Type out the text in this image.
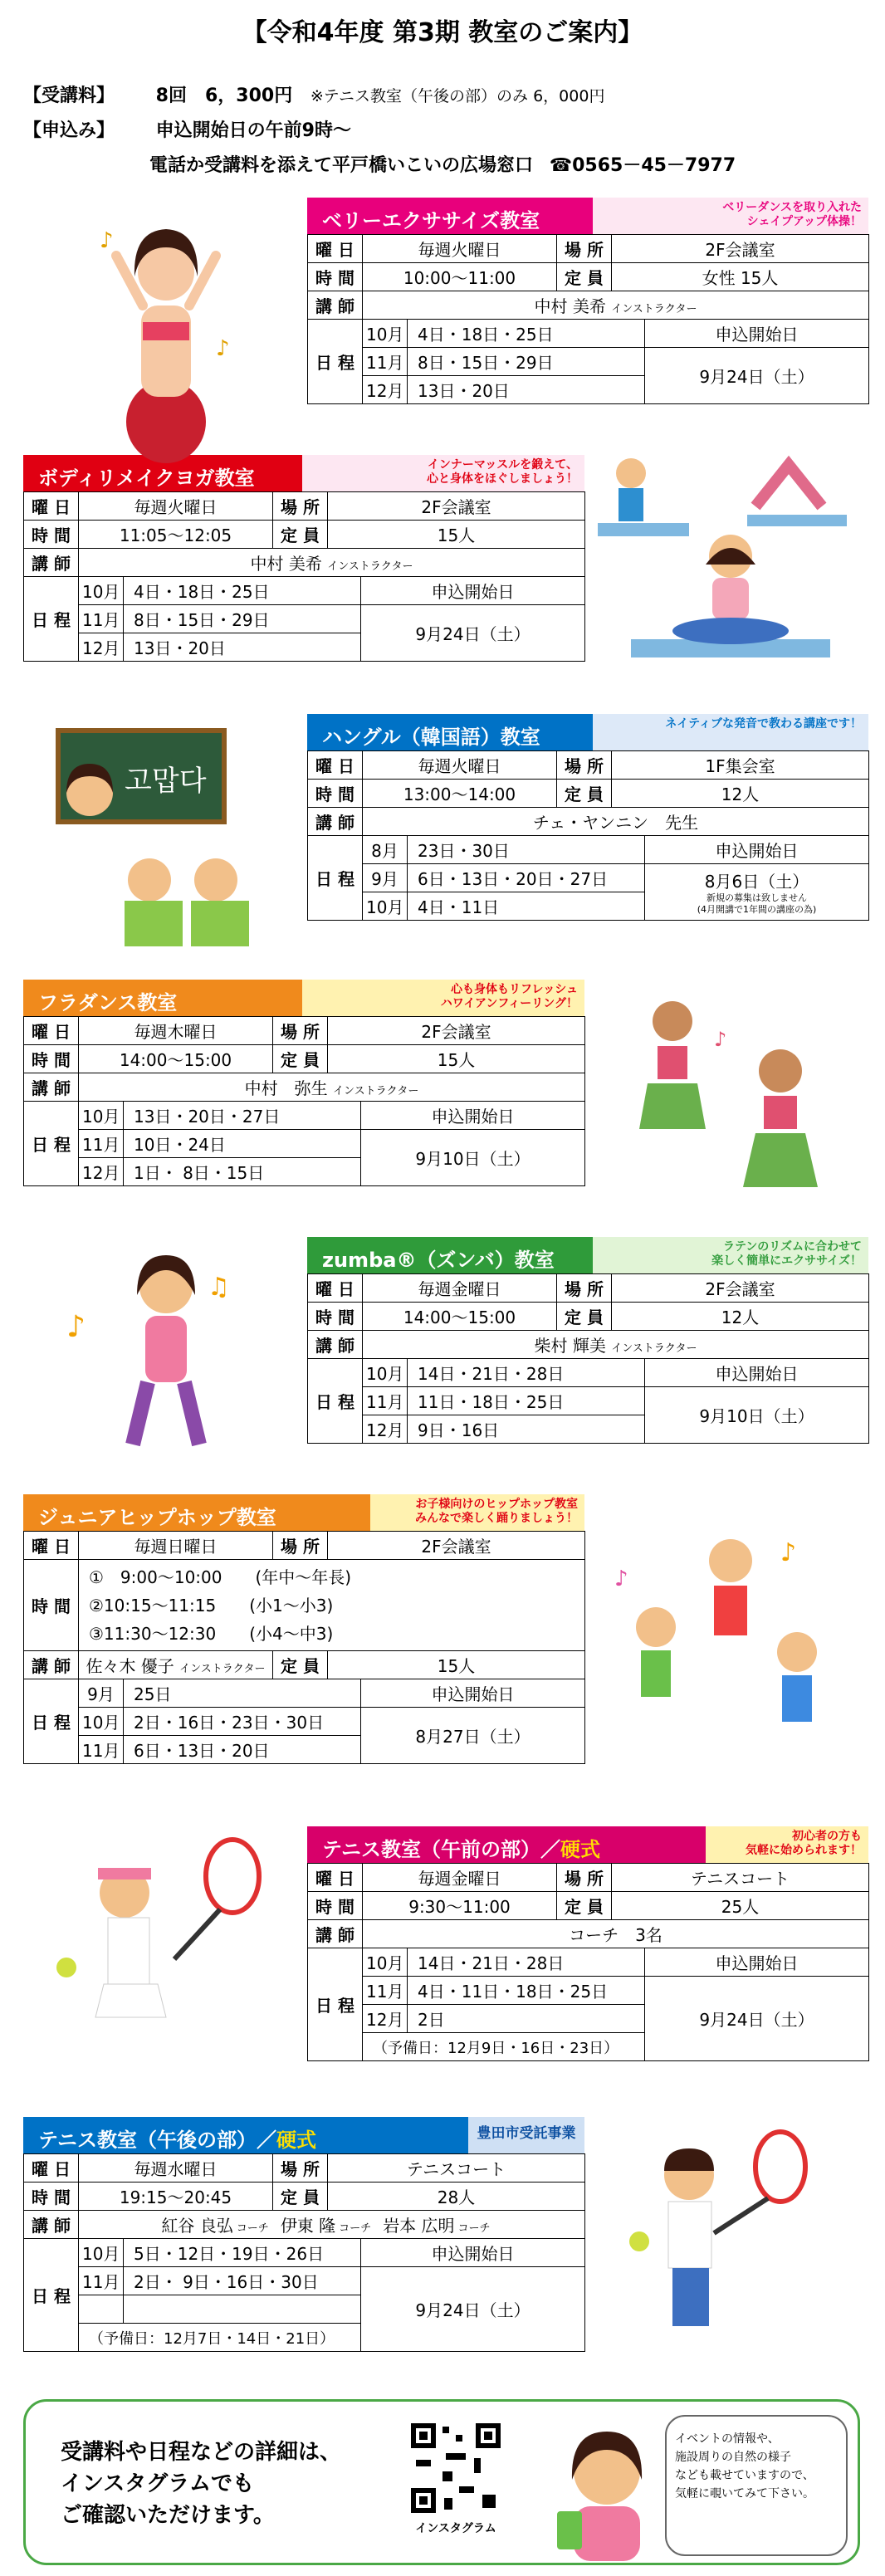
【令和4年度 第3期 教室のご案内】
【受講料】 8回　6，300円 ※テニス教室（午後の部）のみ 6，000円
【申込み】 申込開始日の午前9時～
電話か受講料を添えて平戸橋いこいの広場窓口 ☎0565－45－7977
ベリーエクササイズ教室
ベリーダンスを取り入れた
シェイプアップ体操！
曜 日	毎週火曜日		場 所	2F会議室	
時 間	10:00～11:00		定 員	女性 15人	
講 師	中村 美希 インストラクター				
日 程	10月	4日・18日・25日			申込開始日
	11月	8日・15日・29日			9月24日（土）

	12月	13日・20日			
ボディリメイクヨガ教室
インナーマッスルを鍛えて、
心と身体をほぐしましょう！
曜 日	毎週火曜日		場 所	2F会議室	
時 間	11:05～12:05		定 員	15人	
講 師	中村 美希 インストラクター				
日 程	10月	4日・18日・25日			申込開始日
	11月	8日・15日・29日			9月24日（土）

	12月	13日・20日			
ハングル（韓国語）教室
ネイティブな発音で教わる講座です！
曜 日	毎週火曜日		場 所	1F集会室	
時 間	13:00～14:00		定 員	12人	
講 師	チェ・ヤンニン　先生				
日 程	8月	23日・30日			申込開始日
	9月	6日・13日・20日・27日			8月6日（土）
新規の募集は致しません
(4月開講で1年間の講座の為)

	10月	4日・11日			
フラダンス教室
心も身体もリフレッシュ
ハワイアンフィーリング！
曜 日	毎週木曜日		場 所	2F会議室	
時 間	14:00～15:00		定 員	15人	
講 師	中村　弥生 インストラクター				
日 程	10月	13日・20日・27日			申込開始日
	11月	10日・24日			9月10日（土）

	12月	1日・ 8日・15日			
zumba®（ズンバ）教室
ラテンのリズムに合わせて
楽しく簡単にエクササイズ！
曜 日	毎週金曜日		場 所	2F会議室	
時 間	14:00～15:00		定 員	12人	
講 師	柴村 輝美 インストラクター				
日 程	10月	14日・21日・28日			申込開始日
	11月	11日・18日・25日			9月10日（土）

	12月	9日・16日			
ジュニアヒップホップ教室
お子様向けのヒップホップ教室
みんなで楽しく踊りましょう！
曜 日	毎週日曜日		場 所	2F会議室	
時 間	①　9:00～10:00　　(年中～年長)
②10:15～11:15　　(小1～小3)
③11:30～12:30　　(小4～中3)				

講 師	佐々木 優子 インストラクター		定 員	15人	
日 程	9月	25日			申込開始日
	10月	2日・16日・23日・30日			8月27日（土）

	11月	6日・13日・20日			
テニス教室（午前の部）／硬式
初心者の方も
気軽に始められます！
曜 日	毎週金曜日		場 所	テニスコート	
時 間	9:30～11:00		定 員	25人	
講 師	コーチ　3名				
日 程	10月	14日・21日・28日			申込開始日
	11月	4日・11日・18日・25日			9月24日（土）

	12月	2日			
	（予備日：12月9日・16日・23日）				
テニス教室（午後の部）／硬式	豊田市受託事業
曜 日	毎週水曜日		場 所	テニスコート	
時 間	19:15～20:45		定 員	28人	
講 師	紅谷 良弘 コーチ 伊東 隆 コーチ 岩本 広明 コーチ				
日 程	10月	5日・12日・19日・26日			申込開始日
	11月	2日・ 9日・16日・30日			9月24日（土）

	（予備日：12月7日・14日・21日）				
♪
♪
고맙다
♪
♪
♫
♪
♪
受講料や日程などの詳細は、
インスタグラムでも
ご確認いただけます。
インスタグラム
イベントの情報や、
施設周りの自然の様子
なども載せていますので、
気軽に覗いてみて下さい。
